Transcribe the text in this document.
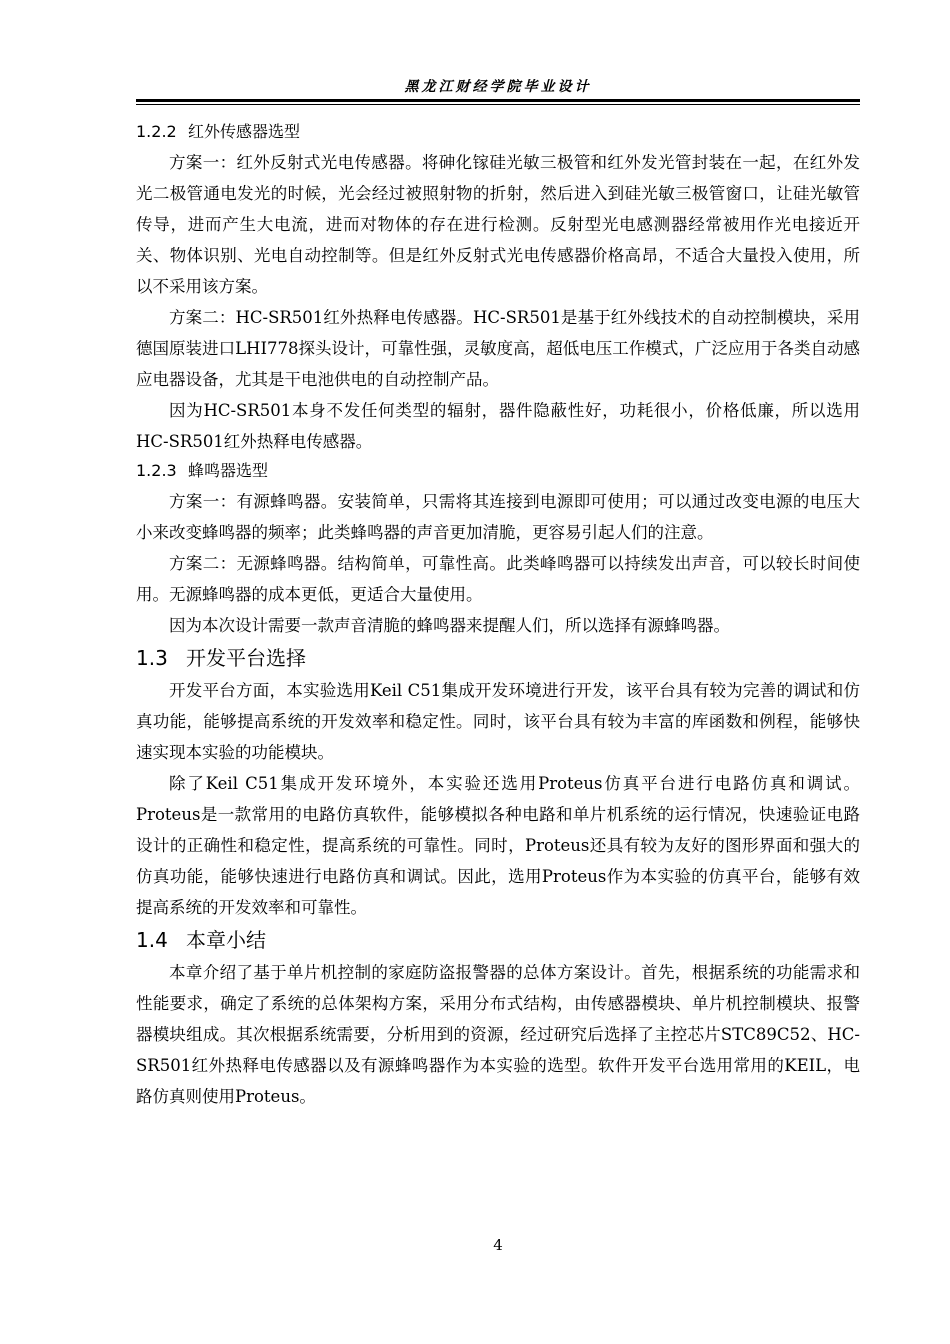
黑龙江财经学院毕业设计
1.2.2 红外传感器选型

方案一：红外反射式光电传感器。将砷化镓硅光敏三极管和红外发光管封装在一起，在红外发光二极管通电发光的时候，光会经过被照射物的折射，然后进入到硅光敏三极管窗口，让硅光敏管传导，进而产生大电流，进而对物体的存在进行检测。反射型光电感测器经常被用作光电接近开关、物体识别、光电自动控制等。但是红外反射式光电传感器价格高昂，不适合大量投入使用，所以不采用该方案。

方案二：HC-SR501红外热释电传感器。HC-SR501是基于红外线技术的自动控制模块，采用德国原装进口LHI778探头设计，可靠性强，灵敏度高，超低电压工作模式，广泛应用于各类自动感应电器设备，尤其是干电池供电的自动控制产品。

因为HC-SR501本身不发任何类型的辐射，器件隐蔽性好，功耗很小，价格低廉，所以选用HC-SR501红外热释电传感器。

1.2.3 蜂鸣器选型

方案一：有源蜂鸣器。安装简单，只需将其连接到电源即可使用；可以通过改变电源的电压大小来改变蜂鸣器的频率；此类蜂鸣器的声音更加清脆，更容易引起人们的注意。

方案二：无源蜂鸣器。结构简单，可靠性高。此类峰鸣器可以持续发出声音，可以较长时间使用。无源蜂鸣器的成本更低，更适合大量使用。

因为本次设计需要一款声音清脆的蜂鸣器来提醒人们，所以选择有源蜂鸣器。

1.3 开发平台选择

开发平台方面，本实验选用Keil C51集成开发环境进行开发，该平台具有较为完善的调试和仿真功能，能够提高系统的开发效率和稳定性。同时，该平台具有较为丰富的库函数和例程，能够快速实现本实验的功能模块。

除了Keil C51集成开发环境外，本实验还选用Proteus仿真平台进行电路仿真和调试。Proteus是一款常用的电路仿真软件，能够模拟各种电路和单片机系统的运行情况，快速验证电路设计的正确性和稳定性，提高系统的可靠性。同时，Proteus还具有较为友好的图形界面和强大的仿真功能，能够快速进行电路仿真和调试。因此，选用Proteus作为本实验的仿真平台，能够有效提高系统的开发效率和可靠性。

1.4 本章小结

本章介绍了基于单片机控制的家庭防盗报警器的总体方案设计。首先，根据系统的功能需求和性能要求，确定了系统的总体架构方案，采用分布式结构，由传感器模块、单片机控制模块、报警器模块组成。其次根据系统需要，分析用到的资源，经过研究后选择了主控芯片STC89C52、HC-SR501红外热释电传感器以及有源蜂鸣器作为本实验的选型。软件开发平台选用常用的KEIL，电路仿真则使用Proteus。

4
